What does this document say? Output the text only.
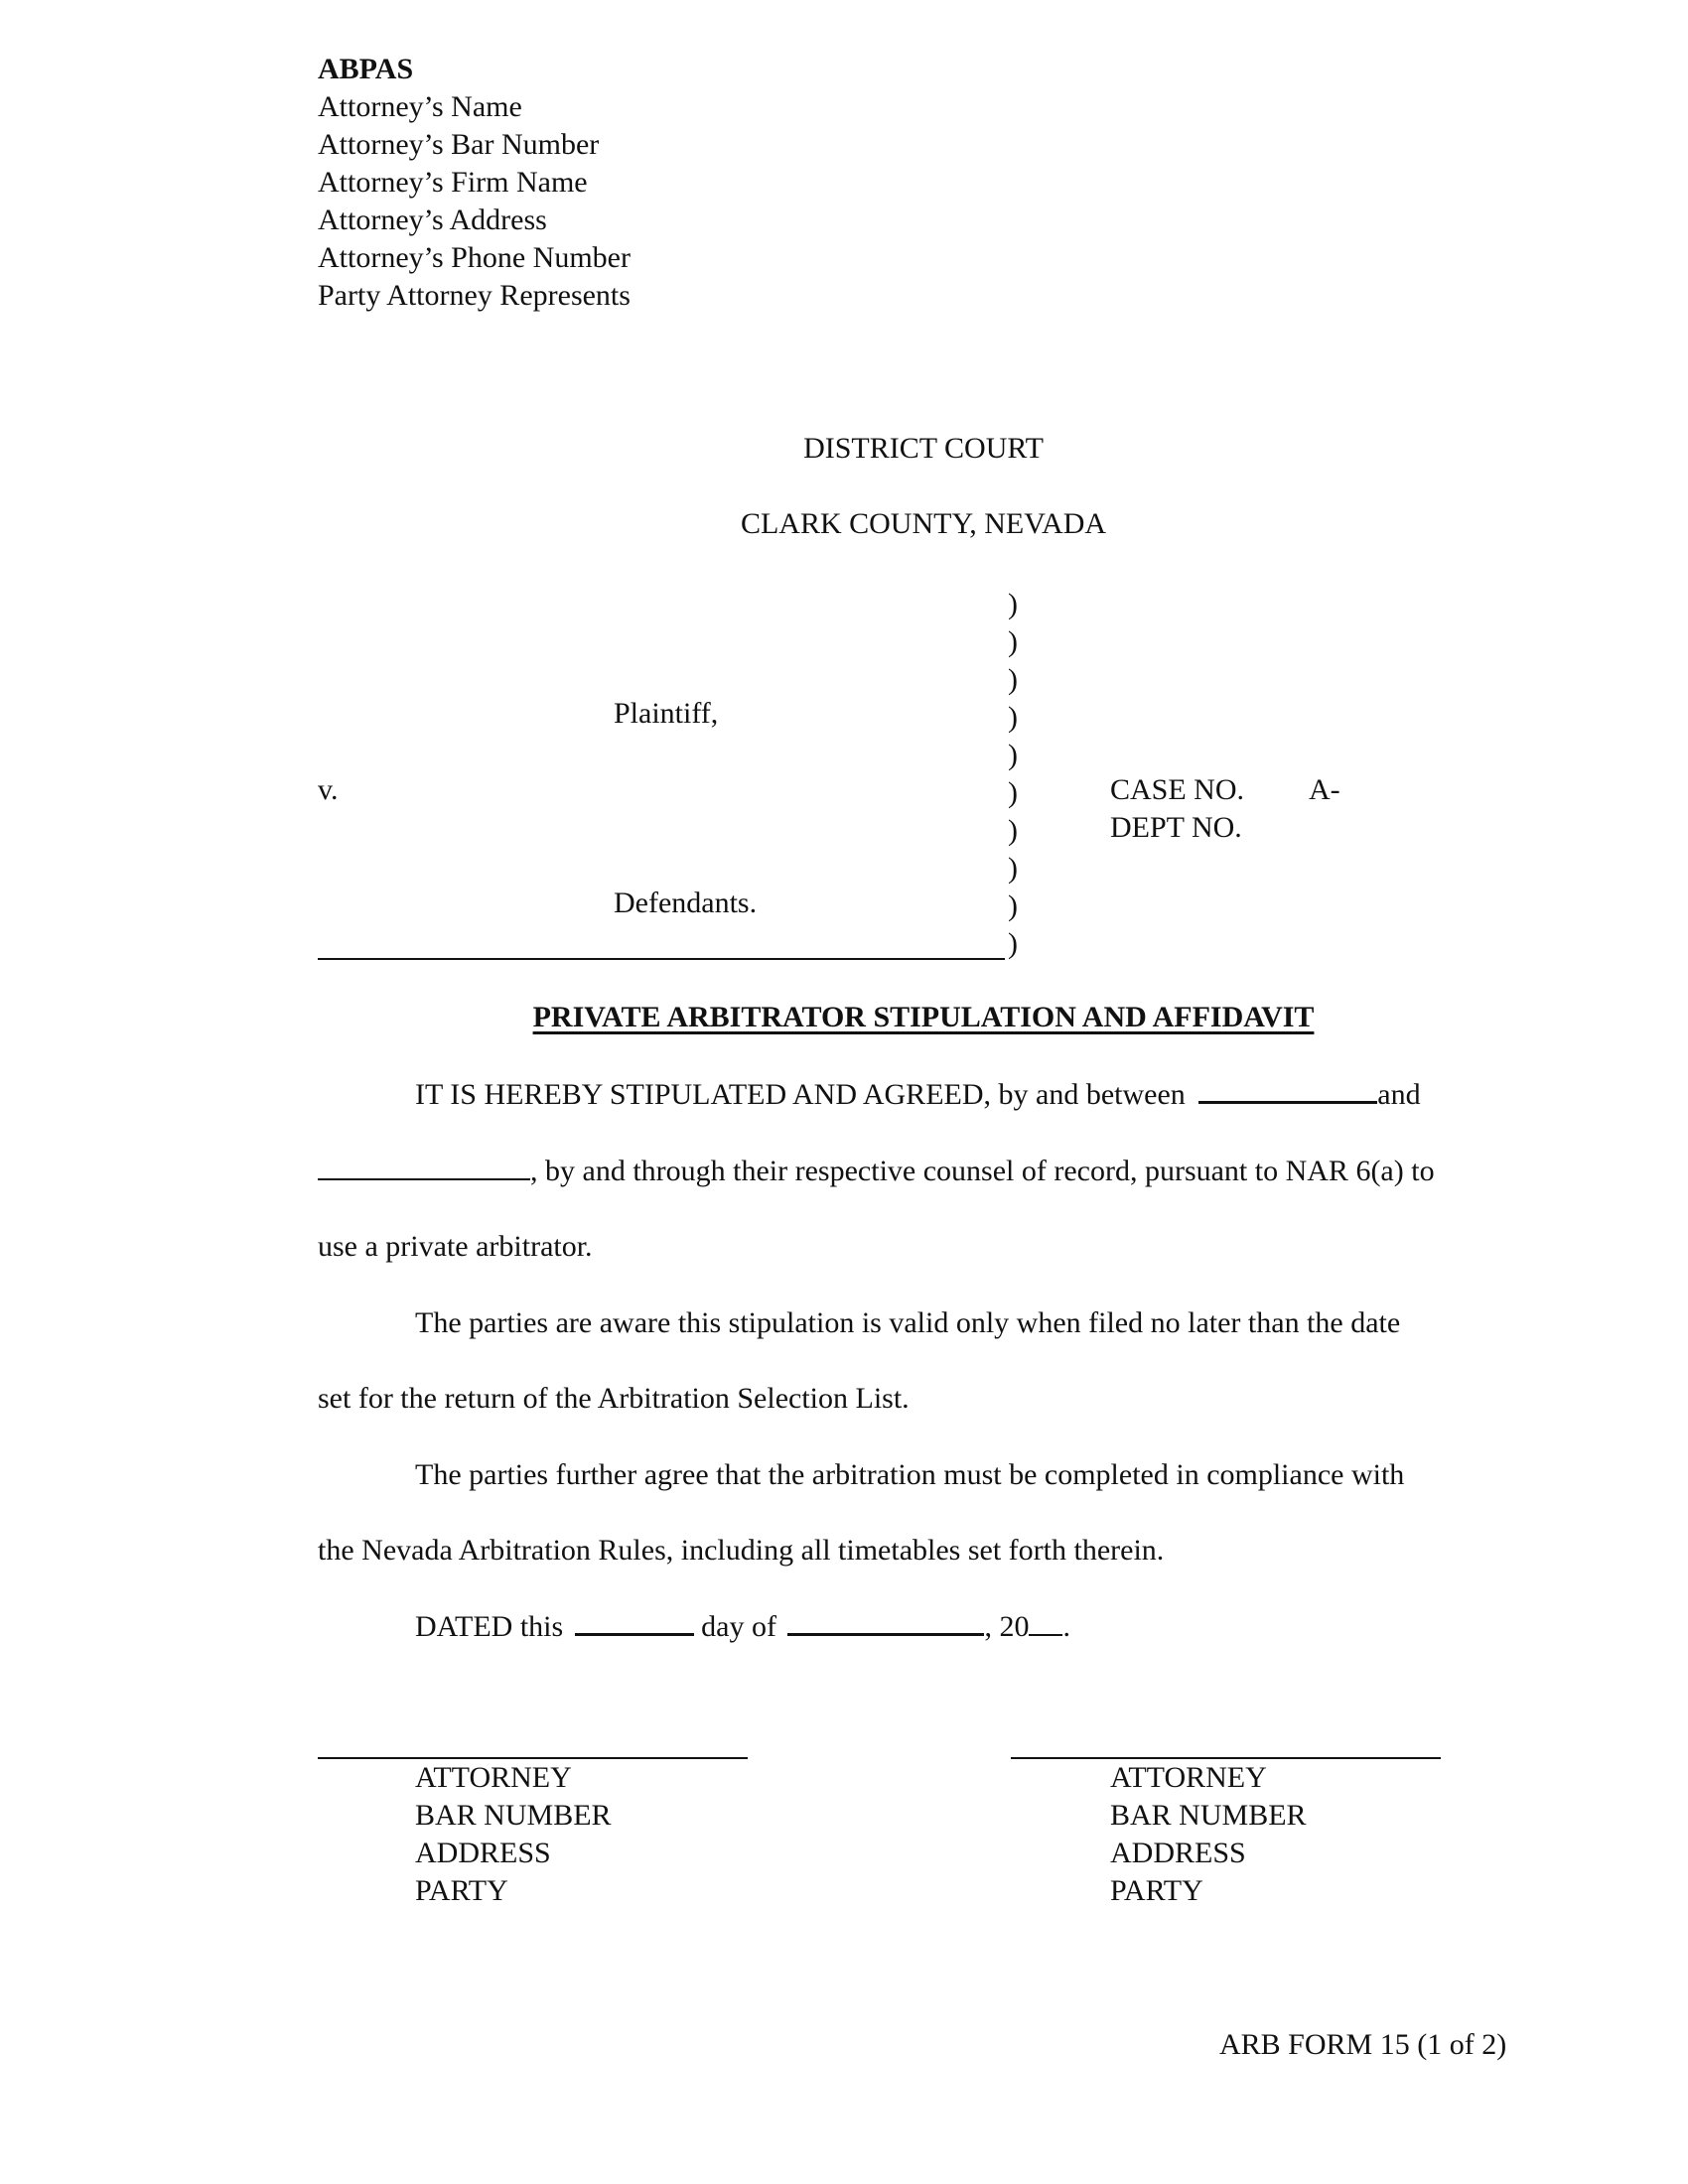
ABPAS
Attorney’s Name
Attorney’s Bar Number
Attorney’s Firm Name
Attorney’s Address
Attorney’s Phone Number
Party Attorney Represents
DISTRICT COURT
CLARK COUNTY, NEVADA
Plaintiff,
v.
Defendants.
)
)
)
)
)
)
)
)
)
)
CASE NO. A-
DEPT NO.
PRIVATE ARBITRATOR STIPULATION AND AFFIDAVIT
IT IS HEREBY STIPULATED AND AGREED, by and between	and
, by and through their respective counsel of record, pursuant to NAR 6(a) to
use a private arbitrator.
The parties are aware this stipulation is valid only when filed no later than the date
set for the return of the Arbitration Selection List.
The parties further agree that the arbitration must be completed in compliance with
the Nevada Arbitration Rules, including all timetables set forth therein.
DATED this	day of	, 20 .
ATTORNEY
BAR NUMBER
ADDRESS
PARTY
ATTORNEY
BAR NUMBER
ADDRESS
PARTY
ARB FORM 15 (1 of 2)
